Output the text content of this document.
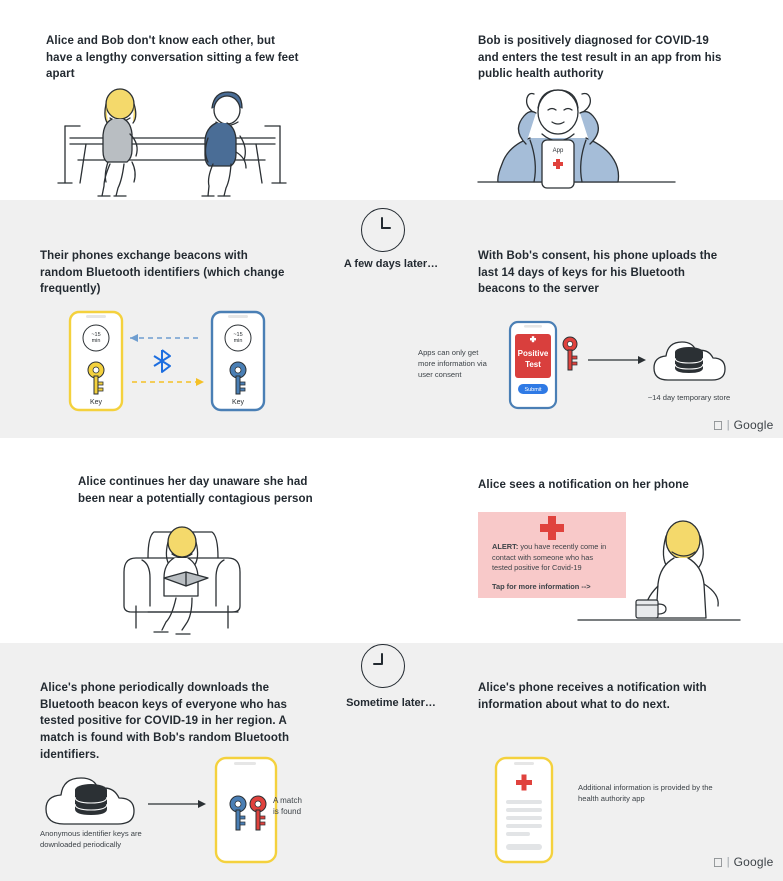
Alice and Bob don't know each other, but have a lengthy conversation sitting a few feet apart
Bob is positively diagnosed for COVID-19 and enters the test result in an app from his public health authority
App
A few days later…
Their phones exchange beacons with random Bluetooth identifiers (which change frequently)
~15
min
Key
~15
min
Key
With Bob's consent, his phone uploads the last 14 days of keys for his Bluetooth beacons to the server
Apps can only get more information via user consent
Positive
Test
Submit
~14 day temporary store
| Google
Alice continues her day unaware she had been near a potentially contagious person
Alice sees a notification on her phone
ALERT: you have recently come in contact with someone who has tested positive for Covid-19
Tap for more information -->
Sometime later…
Alice's phone periodically downloads the Bluetooth beacon keys of everyone who has tested positive for COVID-19 in her region. A match is found with Bob's random Bluetooth identifiers.
Anonymous identifier keys are downloaded periodically
A match
is found
Alice's phone receives a notification with information about what to do next.
Additional information is provided by the health authority app
| Google
